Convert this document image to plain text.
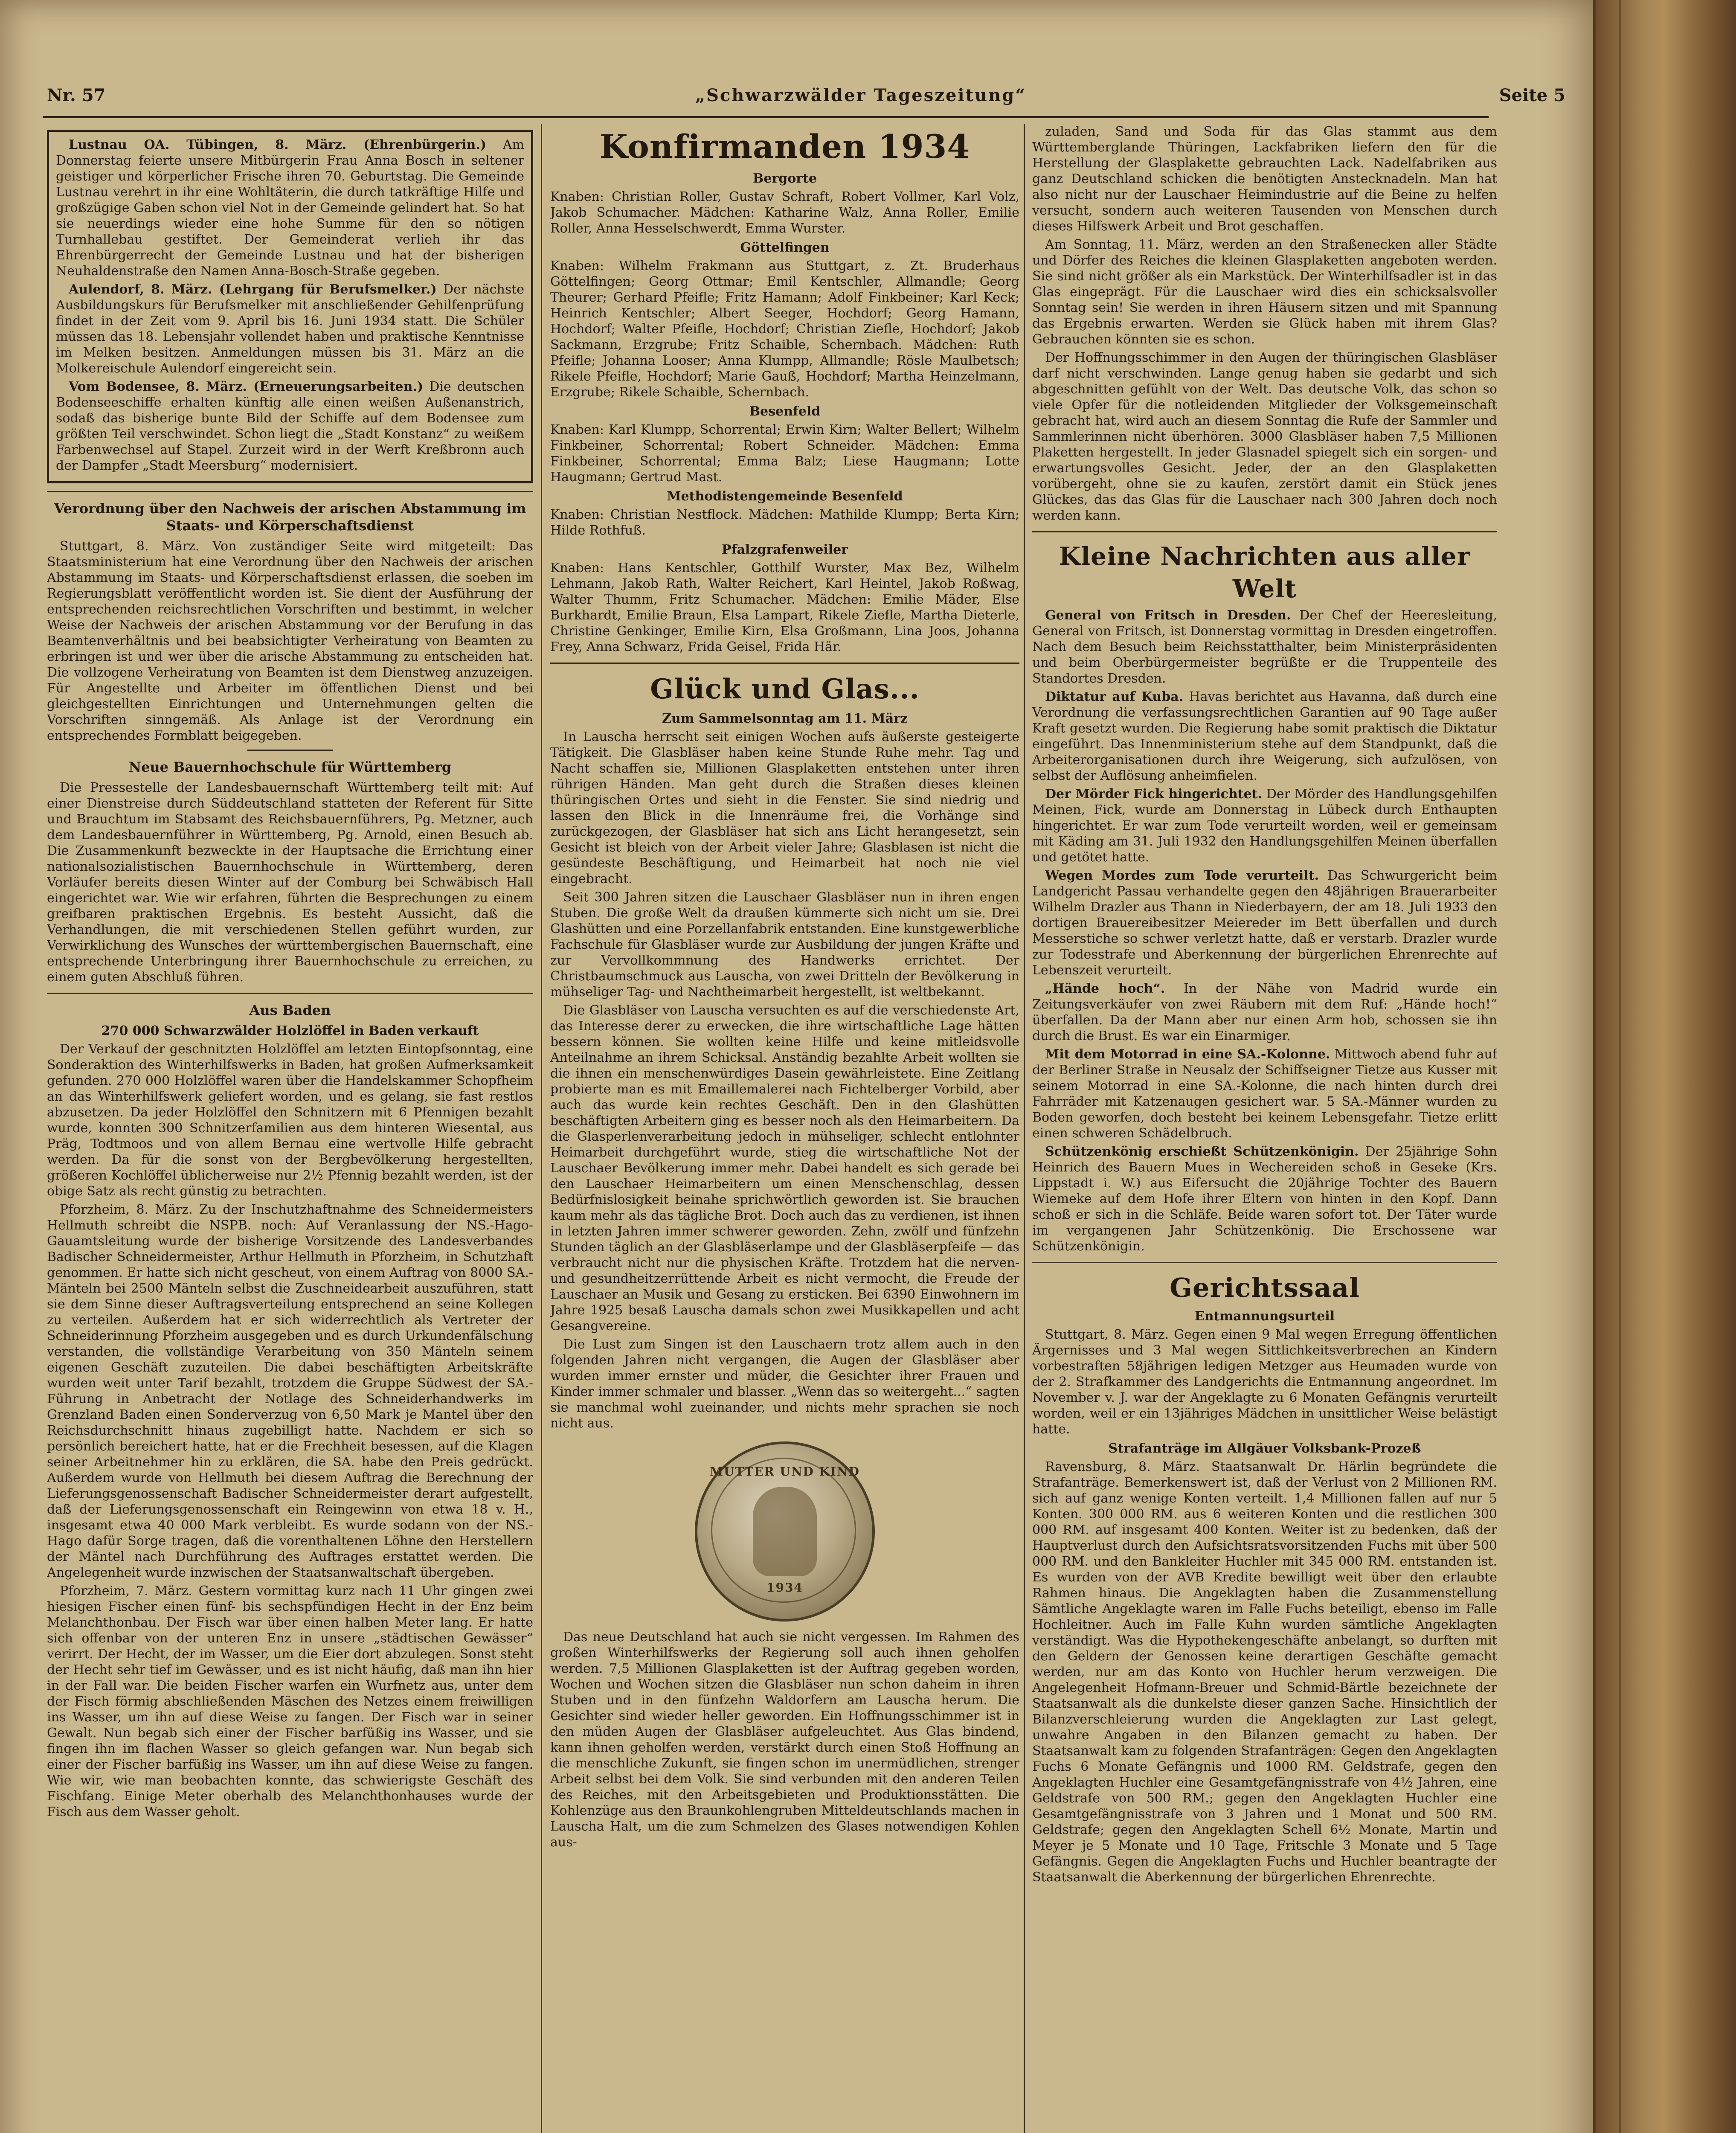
Nr. 57	„Schwarzwälder Tageszeitung“	Seite 5

Lustnau OA. Tübingen, 8. März. (Ehrenbürgerin.) Am Donnerstag feierte unsere Mitbürgerin Frau Anna Bosch in seltener geistiger und körperlicher Frische ihren 70. Geburtstag. Die Gemeinde Lustnau verehrt in ihr eine Wohltäterin, die durch tatkräftige Hilfe und großzügige Gaben schon viel Not in der Gemeinde gelindert hat. So hat sie neuerdings wieder eine hohe Summe für den so nötigen Turnhallebau gestiftet. Der Gemeinderat verlieh ihr das Ehrenbürgerrecht der Gemeinde Lustnau und hat der bisherigen Neuhaldenstraße den Namen Anna-Bosch-Straße gegeben.

Aulendorf, 8. März. (Lehrgang für Berufsmelker.) Der nächste Ausbildungskurs für Berufsmelker mit anschließender Gehilfenprüfung findet in der Zeit vom 9. April bis 16. Juni 1934 statt. Die Schüler müssen das 18. Lebensjahr vollendet haben und praktische Kenntnisse im Melken besitzen. Anmeldungen müssen bis 31. März an die Molkereischule Aulendorf eingereicht sein.

Vom Bodensee, 8. März. (Erneuerungsarbeiten.) Die deutschen Bodenseeschiffe erhalten künftig alle einen weißen Außenanstrich, sodaß das bisherige bunte Bild der Schiffe auf dem Bodensee zum größten Teil verschwindet. Schon liegt die „Stadt Konstanz“ zu weißem Farbenwechsel auf Stapel. Zurzeit wird in der Werft Kreßbronn auch der Dampfer „Stadt Meersburg“ modernisiert.

Verordnung über den Nachweis der arischen Abstammung im Staats- und Körperschaftsdienst

Stuttgart, 8. März. Von zuständiger Seite wird mitgeteilt: Das Staatsministerium hat eine Verordnung über den Nachweis der arischen Abstammung im Staats- und Körperschaftsdienst erlassen, die soeben im Regierungsblatt veröffentlicht worden ist. Sie dient der Ausführung der entsprechenden reichsrechtlichen Vorschriften und bestimmt, in welcher Weise der Nachweis der arischen Abstammung vor der Berufung in das Beamtenverhältnis und bei beabsichtigter Verheiratung von Beamten zu erbringen ist und wer über die arische Abstammung zu entscheiden hat. Die vollzogene Verheiratung von Beamten ist dem Dienstweg anzuzeigen. Für Angestellte und Arbeiter im öffentlichen Dienst und bei gleichgestellten Einrichtungen und Unternehmungen gelten die Vorschriften sinngemäß. Als Anlage ist der Verordnung ein entsprechendes Formblatt beigegeben.

Neue Bauernhochschule für Württemberg

Die Pressestelle der Landesbauernschaft Württemberg teilt mit: Auf einer Dienstreise durch Süddeutschland statteten der Referent für Sitte und Brauchtum im Stabsamt des Reichsbauernführers, Pg. Metzner, auch dem Landesbauernführer in Württemberg, Pg. Arnold, einen Besuch ab. Die Zusammenkunft bezweckte in der Hauptsache die Errichtung einer nationalsozialistischen Bauernhochschule in Württemberg, deren Vorläufer bereits diesen Winter auf der Comburg bei Schwäbisch Hall eingerichtet war. Wie wir erfahren, führten die Besprechungen zu einem greifbaren praktischen Ergebnis. Es besteht Aussicht, daß die Verhandlungen, die mit verschiedenen Stellen geführt wurden, zur Verwirklichung des Wunsches der württembergischen Bauernschaft, eine entsprechende Unterbringung ihrer Bauernhochschule zu erreichen, zu einem guten Abschluß führen.

Aus Baden
270 000 Schwarzwälder Holzlöffel in Baden verkauft

Der Verkauf der geschnitzten Holzlöffel am letzten Eintopfsonntag, eine Sonderaktion des Winterhilfswerks in Baden, hat großen Aufmerksamkeit gefunden. 270 000 Holzlöffel waren über die Handelskammer Schopfheim an das Winterhilfswerk geliefert worden, und es gelang, sie fast restlos abzusetzen. Da jeder Holzlöffel den Schnitzern mit 6 Pfennigen bezahlt wurde, konnten 300 Schnitzerfamilien aus dem hinteren Wiesental, aus Präg, Todtmoos und von allem Bernau eine wertvolle Hilfe gebracht werden. Da für die sonst von der Bergbevölkerung hergestellten, größeren Kochlöffel üblicherweise nur 2½ Pfennig bezahlt werden, ist der obige Satz als recht günstig zu betrachten.

Pforzheim, 8. März. Zu der Inschutzhaftnahme des Schneidermeisters Hellmuth schreibt die NSPB. noch: Auf Veranlassung der NS.-Hago-Gauamtsleitung wurde der bisherige Vorsitzende des Landesverbandes Badischer Schneidermeister, Arthur Hellmuth in Pforzheim, in Schutzhaft genommen. Er hatte sich nicht gescheut, von einem Auftrag von 8000 SA.-Mänteln bei 2500 Mänteln selbst die Zuschneidearbeit auszuführen, statt sie dem Sinne dieser Auftragsverteilung entsprechend an seine Kollegen zu verteilen. Außerdem hat er sich widerrechtlich als Vertreter der Schneiderinnung Pforzheim ausgegeben und es durch Urkundenfälschung verstanden, die vollständige Verarbeitung von 350 Mänteln seinem eigenen Geschäft zuzuteilen. Die dabei beschäftigten Arbeitskräfte wurden weit unter Tarif bezahlt, trotzdem die Gruppe Südwest der SA.-Führung in Anbetracht der Notlage des Schneiderhandwerks im Grenzland Baden einen Sonderverzug von 6,50 Mark je Mantel über den Reichsdurchschnitt hinaus zugebilligt hatte. Nachdem er sich so persönlich bereichert hatte, hat er die Frechheit besessen, auf die Klagen seiner Arbeitnehmer hin zu erklären, die SA. habe den Preis gedrückt. Außerdem wurde von Hellmuth bei diesem Auftrag die Berechnung der Lieferungsgenossenschaft Badischer Schneidermeister derart aufgestellt, daß der Lieferungsgenossenschaft ein Reingewinn von etwa 18 v. H., insgesamt etwa 40 000 Mark verbleibt. Es wurde sodann von der NS.-Hago dafür Sorge tragen, daß die vorenthaltenen Löhne den Herstellern der Mäntel nach Durchführung des Auftrages erstattet werden. Die Angelegenheit wurde inzwischen der Staatsanwaltschaft übergeben.

Pforzheim, 7. März. Gestern vormittag kurz nach 11 Uhr gingen zwei hiesigen Fischer einen fünf- bis sechspfündigen Hecht in der Enz beim Melanchthonbau. Der Fisch war über einen halben Meter lang. Er hatte sich offenbar von der unteren Enz in unsere „städtischen Gewässer“ verirrt. Der Hecht, der im Wasser, um die Eier dort abzulegen. Sonst steht der Hecht sehr tief im Gewässer, und es ist nicht häufig, daß man ihn hier in der Fall war. Die beiden Fischer warfen ein Wurfnetz aus, unter dem der Fisch förmig abschließenden Mäschen des Netzes einem freiwilligen ins Wasser, um ihn auf diese Weise zu fangen. Der Fisch war in seiner Gewalt. Nun begab sich einer der Fischer barfüßig ins Wasser, und sie fingen ihn im flachen Wasser so gleich gefangen war. Nun begab sich einer der Fischer barfüßig ins Wasser, um ihn auf diese Weise zu fangen. Wie wir, wie man beobachten konnte, das schwierigste Geschäft des Fischfang. Einige Meter oberhalb des Melanchthonhauses wurde der Fisch aus dem Wasser geholt.

Konfirmanden 1934
Bergorte

Knaben: Christian Roller, Gustav Schraft, Robert Vollmer, Karl Volz, Jakob Schumacher. Mädchen: Katharine Walz, Anna Roller, Emilie Roller, Anna Hesselschwerdt, Emma Wurster.

Göttelfingen

Knaben: Wilhelm Frakmann aus Stuttgart, z. Zt. Bruderhaus Göttelfingen; Georg Ottmar; Emil Kentschler, Allmandle; Georg Theurer; Gerhard Pfeifle; Fritz Hamann; Adolf Finkbeiner; Karl Keck; Heinrich Kentschler; Albert Seeger, Hochdorf; Georg Hamann, Hochdorf; Walter Pfeifle, Hochdorf; Christian Ziefle, Hochdorf; Jakob Sackmann, Erzgrube; Fritz Schaible, Schernbach. Mädchen: Ruth Pfeifle; Johanna Looser; Anna Klumpp, Allmandle; Rösle Maulbetsch; Rikele Pfeifle, Hochdorf; Marie Gauß, Hochdorf; Martha Heinzelmann, Erzgrube; Rikele Schaible, Schernbach.

Besenfeld

Knaben: Karl Klumpp, Schorrental; Erwin Kirn; Walter Bellert; Wilhelm Finkbeiner, Schorrental; Robert Schneider. Mädchen: Emma Finkbeiner, Schorrental; Emma Balz; Liese Haugmann; Lotte Haugmann; Gertrud Mast.

Methodistengemeinde Besenfeld

Knaben: Christian Nestflock. Mädchen: Mathilde Klumpp; Berta Kirn; Hilde Rothfuß.

Pfalzgrafenweiler

Knaben: Hans Kentschler, Gotthilf Wurster, Max Bez, Wilhelm Lehmann, Jakob Rath, Walter Reichert, Karl Heintel, Jakob Roßwag, Walter Thumm, Fritz Schumacher. Mädchen: Emilie Mäder, Else Burkhardt, Emilie Braun, Elsa Lampart, Rikele Ziefle, Martha Dieterle, Christine Genkinger, Emilie Kirn, Elsa Großmann, Lina Joos, Johanna Frey, Anna Schwarz, Frida Geisel, Frida Här.

Glück und Glas...
Zum Sammelsonntag am 11. März

In Lauscha herrscht seit einigen Wochen aufs äußerste gesteigerte Tätigkeit. Die Glasbläser haben keine Stunde Ruhe mehr. Tag und Nacht schaffen sie, Millionen Glasplaketten entstehen unter ihren rührigen Händen. Man geht durch die Straßen dieses kleinen thüringischen Ortes und sieht in die Fenster. Sie sind niedrig und lassen den Blick in die Innenräume frei, die Vorhänge sind zurückgezogen, der Glasbläser hat sich ans Licht herangesetzt, sein Gesicht ist bleich von der Arbeit vieler Jahre; Glasblasen ist nicht die gesündeste Beschäftigung, und Heimarbeit hat noch nie viel eingebracht.

Seit 300 Jahren sitzen die Lauschaer Glasbläser nun in ihren engen Stuben. Die große Welt da draußen kümmerte sich nicht um sie. Drei Glashütten und eine Porzellanfabrik entstanden. Eine kunstgewerbliche Fachschule für Glasbläser wurde zur Ausbildung der jungen Kräfte und zur Vervollkommnung des Handwerks errichtet. Der Christbaumschmuck aus Lauscha, von zwei Dritteln der Bevölkerung in mühseliger Tag- und Nachtheimarbeit hergestellt, ist weltbekannt.

Die Glasbläser von Lauscha versuchten es auf die verschiedenste Art, das Interesse derer zu erwecken, die ihre wirtschaftliche Lage hätten bessern können. Sie wollten keine Hilfe und keine mitleidsvolle Anteilnahme an ihrem Schicksal. Anständig bezahlte Arbeit wollten sie die ihnen ein menschenwürdiges Dasein gewährleistete. Eine Zeitlang probierte man es mit Emaillemalerei nach Fichtelberger Vorbild, aber auch das wurde kein rechtes Geschäft. Den in den Glashütten beschäftigten Arbeitern ging es besser noch als den Heimarbeitern. Da die Glasperlenverarbeitung jedoch in mühseliger, schlecht entlohnter Heimarbeit durchgeführt wurde, stieg die wirtschaftliche Not der Lauschaer Bevölkerung immer mehr. Dabei handelt es sich gerade bei den Lauschaer Heimarbeitern um einen Menschenschlag, dessen Bedürfnislosigkeit beinahe sprichwörtlich geworden ist. Sie brauchen kaum mehr als das tägliche Brot. Doch auch das zu verdienen, ist ihnen in letzten Jahren immer schwerer geworden. Zehn, zwölf und fünfzehn Stunden täglich an der Glasbläserlampe und der Glasbläserpfeife — das verbraucht nicht nur die physischen Kräfte. Trotzdem hat die nerven- und gesundheitzerrüttende Arbeit es nicht vermocht, die Freude der Lauschaer an Musik und Gesang zu ersticken. Bei 6390 Einwohnern im Jahre 1925 besaß Lauscha damals schon zwei Musikkapellen und acht Gesangvereine.

Die Lust zum Singen ist den Lauschaern trotz allem auch in den folgenden Jahren nicht vergangen, die Augen der Glasbläser aber wurden immer ernster und müder, die Gesichter ihrer Frauen und Kinder immer schmaler und blasser. „Wenn das so weitergeht...“ sagten sie manchmal wohl zueinander, und nichts mehr sprachen sie noch nicht aus.

MUTTER UND KIND
1934

Das neue Deutschland hat auch sie nicht vergessen. Im Rahmen des großen Winterhilfswerks der Regierung soll auch ihnen geholfen werden. 7,5 Millionen Glasplaketten ist der Auftrag gegeben worden, Wochen und Wochen sitzen die Glasbläser nun schon daheim in ihren Stuben und in den fünfzehn Waldorfern am Lauscha herum. Die Gesichter sind wieder heller geworden. Ein Hoffnungsschimmer ist in den müden Augen der Glasbläser aufgeleuchtet. Aus Glas bindend, kann ihnen geholfen werden, verstärkt durch einen Stoß Hoffnung an die menschliche Zukunft, sie fingen schon im unermüdlichen, strenger Arbeit selbst bei dem Volk. Sie sind verbunden mit den anderen Teilen des Reiches, mit den Arbeitsgebieten und Produktionsstätten. Die Kohlenzüge aus den Braunkohlengruben Mitteldeutschlands machen in Lauscha Halt, um die zum Schmelzen des Glases notwendigen Kohlen aus-

zuladen, Sand und Soda für das Glas stammt aus dem Württemberglande Thüringen, Lackfabriken liefern den für die Herstellung der Glasplakette gebrauchten Lack. Nadelfabriken aus ganz Deutschland schicken die benötigten Anstecknadeln. Man hat also nicht nur der Lauschaer Heimindustrie auf die Beine zu helfen versucht, sondern auch weiteren Tausenden von Menschen durch dieses Hilfswerk Arbeit und Brot geschaffen.

Am Sonntag, 11. März, werden an den Straßenecken aller Städte und Dörfer des Reiches die kleinen Glasplaketten angeboten werden. Sie sind nicht größer als ein Markstück. Der Winterhilfsadler ist in das Glas eingeprägt. Für die Lauschaer wird dies ein schicksalsvoller Sonntag sein! Sie werden in ihren Häusern sitzen und mit Spannung das Ergebnis erwarten. Werden sie Glück haben mit ihrem Glas? Gebrauchen könnten sie es schon.

Der Hoffnungsschimmer in den Augen der thüringischen Glasbläser darf nicht verschwinden. Lange genug haben sie gedarbt und sich abgeschnitten gefühlt von der Welt. Das deutsche Volk, das schon so viele Opfer für die notleidenden Mitglieder der Volksgemeinschaft gebracht hat, wird auch an diesem Sonntag die Rufe der Sammler und Sammlerinnen nicht überhören. 3000 Glasbläser haben 7,5 Millionen Plaketten hergestellt. In jeder Glasnadel spiegelt sich ein sorgen- und erwartungsvolles Gesicht. Jeder, der an den Glasplaketten vorübergeht, ohne sie zu kaufen, zerstört damit ein Stück jenes Glückes, das das Glas für die Lauschaer nach 300 Jahren doch noch werden kann.

Kleine Nachrichten aus aller Welt

General von Fritsch in Dresden. Der Chef der Heeresleitung, General von Fritsch, ist Donnerstag vormittag in Dresden eingetroffen. Nach dem Besuch beim Reichsstatthalter, beim Ministerpräsidenten und beim Oberbürgermeister begrüßte er die Truppenteile des Standortes Dresden.

Diktatur auf Kuba. Havas berichtet aus Havanna, daß durch eine Verordnung die verfassungsrechtlichen Garantien auf 90 Tage außer Kraft gesetzt wurden. Die Regierung habe somit praktisch die Diktatur eingeführt. Das Innenministerium stehe auf dem Standpunkt, daß die Arbeiterorganisationen durch ihre Weigerung, sich aufzulösen, von selbst der Auflösung anheimfielen.

Der Mörder Fick hingerichtet. Der Mörder des Handlungsgehilfen Meinen, Fick, wurde am Donnerstag in Lübeck durch Enthaupten hingerichtet. Er war zum Tode verurteilt worden, weil er gemeinsam mit Käding am 31. Juli 1932 den Handlungsgehilfen Meinen überfallen und getötet hatte.

Wegen Mordes zum Tode verurteilt. Das Schwurgericht beim Landgericht Passau verhandelte gegen den 48jährigen Brauerarbeiter Wilhelm Drazler aus Thann in Niederbayern, der am 18. Juli 1933 den dortigen Brauereibesitzer Meiereder im Bett überfallen und durch Messerstiche so schwer verletzt hatte, daß er verstarb. Drazler wurde zur Todesstrafe und Aberkennung der bürgerlichen Ehrenrechte auf Lebenszeit verurteilt.

„Hände hoch“. In der Nähe von Madrid wurde ein Zeitungsverkäufer von zwei Räubern mit dem Ruf: „Hände hoch!“ überfallen. Da der Mann aber nur einen Arm hob, schossen sie ihn durch die Brust. Es war ein Einarmiger.

Mit dem Motorrad in eine SA.-Kolonne. Mittwoch abend fuhr auf der Berliner Straße in Neusalz der Schiffseigner Tietze aus Kusser mit seinem Motorrad in eine SA.-Kolonne, die nach hinten durch drei Fahrräder mit Katzenaugen gesichert war. 5 SA.-Männer wurden zu Boden geworfen, doch besteht bei keinem Lebensgefahr. Tietze erlitt einen schweren Schädelbruch.

Schützenkönig erschießt Schützenkönigin. Der 25jährige Sohn Heinrich des Bauern Mues in Wechereiden schoß in Geseke (Krs. Lippstadt i. W.) aus Eifersucht die 20jährige Tochter des Bauern Wiemeke auf dem Hofe ihrer Eltern von hinten in den Kopf. Dann schoß er sich in die Schläfe. Beide waren sofort tot. Der Täter wurde im vergangenen Jahr Schützenkönig. Die Erschossene war Schützenkönigin.

Gerichtssaal
Entmannungsurteil

Stuttgart, 8. März. Gegen einen 9 Mal wegen Erregung öffentlichen Ärgernisses und 3 Mal wegen Sittlichkeitsverbrechen an Kindern vorbestraften 58jährigen ledigen Metzger aus Heumaden wurde von der 2. Strafkammer des Landgerichts die Entmannung angeordnet. Im November v. J. war der Angeklagte zu 6 Monaten Gefängnis verurteilt worden, weil er ein 13jähriges Mädchen in unsittlicher Weise belästigt hatte.

Strafanträge im Allgäuer Volksbank-Prozeß

Ravensburg, 8. März. Staatsanwalt Dr. Härlin begründete die Strafanträge. Bemerkenswert ist, daß der Verlust von 2 Millionen RM. sich auf ganz wenige Konten verteilt. 1,4 Millionen fallen auf nur 5 Konten. 300 000 RM. aus 6 weiteren Konten und die restlichen 300 000 RM. auf insgesamt 400 Konten. Weiter ist zu bedenken, daß der Hauptverlust durch den Aufsichtsratsvorsitzenden Fuchs mit über 500 000 RM. und den Bankleiter Huchler mit 345 000 RM. entstanden ist. Es wurden von der AVB Kredite bewilligt weit über den erlaubte Rahmen hinaus. Die Angeklagten haben die Zusammenstellung Sämtliche Angeklagte waren im Falle Fuchs beteiligt, ebenso im Falle Hochleitner. Auch im Falle Kuhn wurden sämtliche Angeklagten verständigt. Was die Hypothekengeschäfte anbelangt, so durften mit den Geldern der Genossen keine derartigen Geschäfte gemacht werden, nur am das Konto von Huchler herum verzweigen. Die Angelegenheit Hofmann-Breuer und Schmid-Bärtle bezeichnete der Staatsanwalt als die dunkelste dieser ganzen Sache. Hinsichtlich der Bilanzverschleierung wurden die Angeklagten zur Last gelegt, unwahre Angaben in den Bilanzen gemacht zu haben. Der Staatsanwalt kam zu folgenden Strafanträgen: Gegen den Angeklagten Fuchs 6 Monate Gefängnis und 1000 RM. Geldstrafe, gegen den Angeklagten Huchler eine Gesamtgefängnisstrafe von 4½ Jahren, eine Geldstrafe von 500 RM.; gegen den Angeklagten Huchler eine Gesamtgefängnisstrafe von 3 Jahren und 1 Monat und 500 RM. Geldstrafe; gegen den Angeklagten Schell 6½ Monate, Martin und Meyer je 5 Monate und 10 Tage, Fritschle 3 Monate und 5 Tage Gefängnis. Gegen die Angeklagten Fuchs und Huchler beantragte der Staatsanwalt die Aberkennung der bürgerlichen Ehrenrechte.
